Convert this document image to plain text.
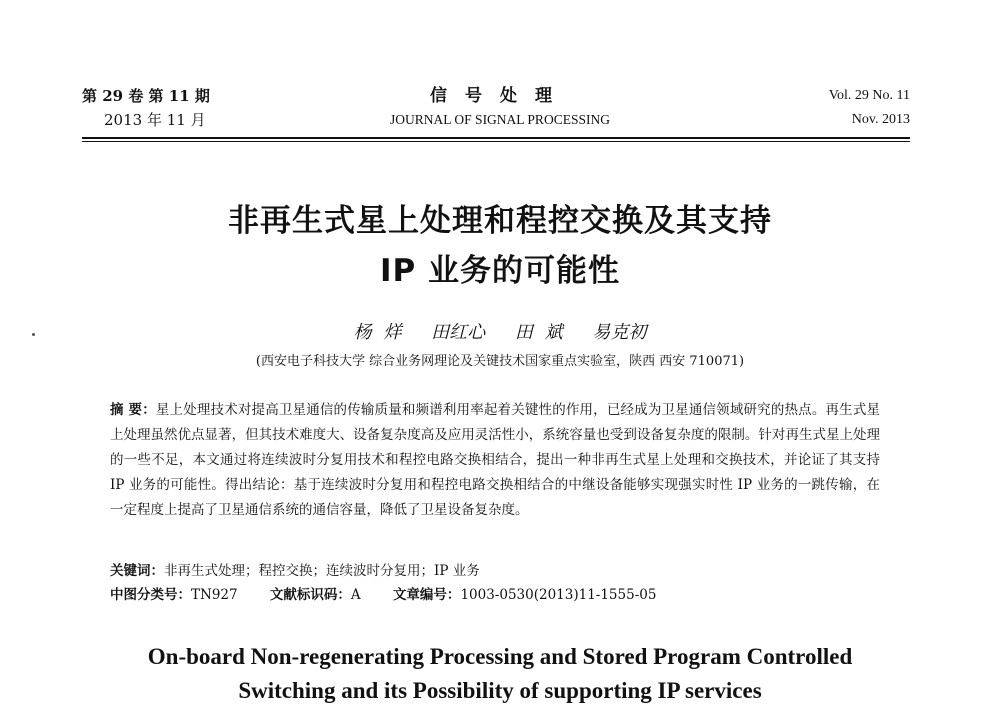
第 29 卷 第 11 期
2013 年 11 月
信号处理
JOURNAL OF SIGNAL PROCESSING
Vol. 29 No. 11
Nov. 2013
非再生式星上处理和程控交换及其支持
IP 业务的可能性
杨 烊 田红心 田 斌 易克初
(西安电子科技大学 综合业务网理论及关键技术国家重点实验室，陕西 西安 710071)
摘 要：星上处理技术对提高卫星通信的传输质量和频谱利用率起着关键性的作用，已经成为卫星通信领域研究的热点。再生式星上处理虽然优点显著，但其技术难度大、设备复杂度高及应用灵活性小，系统容量也受到设备复杂度的限制。针对再生式星上处理的一些不足，本文通过将连续波时分复用技术和程控电路交换相结合，提出一种非再生式星上处理和交换技术，并论证了其支持 IP 业务的可能性。得出结论：基于连续波时分复用和程控电路交换相结合的中继设备能够实现强实时性 IP 业务的一跳传输，在一定程度上提高了卫星通信系统的通信容量，降低了卫星设备复杂度。
关键词：非再生式处理；程控交换；连续波时分复用；IP 业务
中图分类号：TN927 文献标识码：A 文章编号：1003-0530(2013)11-1555-05
On-board Non-regenerating Processing and Stored Program Controlled
Switching and its Possibility of supporting IP services
